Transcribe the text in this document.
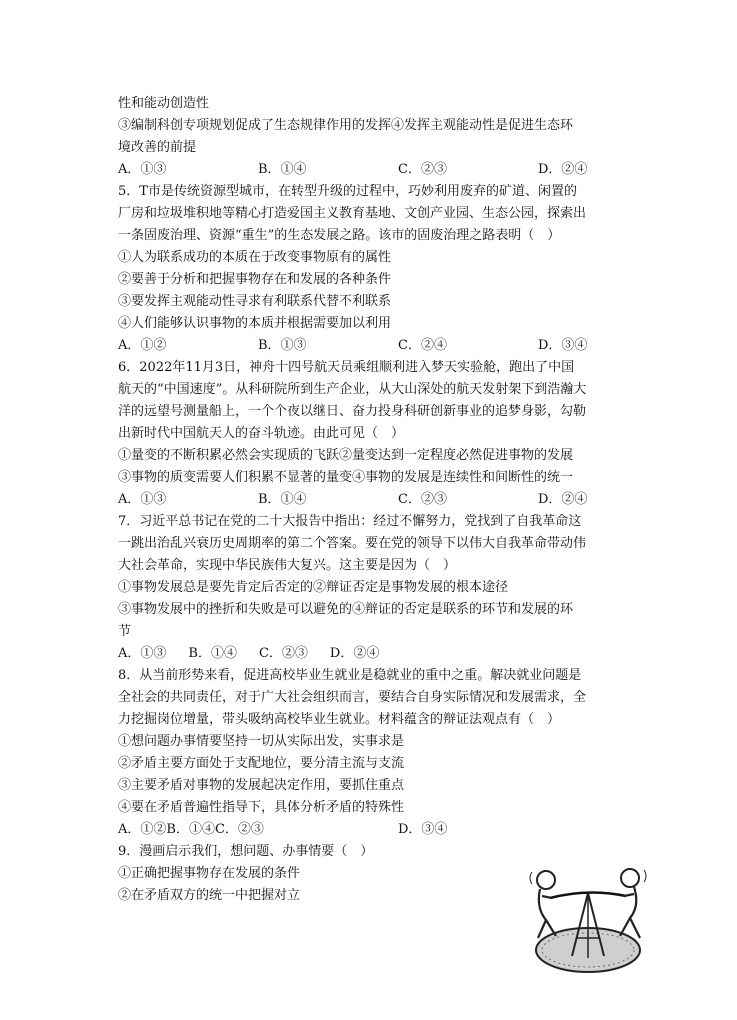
性和能动创造性
③编制科创专项规划促成了生态规律作用的发挥④发挥主观能动性是促进生态环
境改善的前提
A．①③	B．①④	C．②③	D．②④
5．T市是传统资源型城市，在转型升级的过程中，巧妙利用废弃的矿道、闲置的
厂房和垃圾堆积地等精心打造爱国主义教育基地、文创产业园、生态公园，探索出
一条固废治理、资源“重生”的生态发展之路。该市的固废治理之路表明（　）
①人为联系成功的本质在于改变事物原有的属性
②要善于分析和把握事物存在和发展的各种条件
③要发挥主观能动性寻求有利联系代替不利联系
④人们能够认识事物的本质并根据需要加以利用
A．①②	B．①③	C．②④	D．③④
6．2022年11月3日，神舟十四号航天员乘组顺利进入梦天实验舱，跑出了中国
航天的“中国速度”。从科研院所到生产企业，从大山深处的航天发射架下到浩瀚大
洋的远望号测量船上，一个个夜以继日、奋力投身科研创新事业的追梦身影，勾勒
出新时代中国航天人的奋斗轨迹。由此可见（　）
①量变的不断积累必然会实现质的飞跃②量变达到一定程度必然促进事物的发展
③事物的质变需要人们积累不显著的量变④事物的发展是连续性和间断性的统一
A．①③	B．①④	C．②③	D．②④
7．习近平总书记在党的二十大报告中指出：经过不懈努力，党找到了自我革命这
一跳出治乱兴衰历史周期率的第二个答案。要在党的领导下以伟大自我革命带动伟
大社会革命，实现中华民族伟大复兴。这主要是因为（　）
①事物发展总是要先肯定后否定的②辩证否定是事物发展的根本途径
③事物发展中的挫折和失败是可以避免的④辩证的否定是联系的环节和发展的环
节
A．①③ B．①④ C．②③ D．②④
8．从当前形势来看，促进高校毕业生就业是稳就业的重中之重。解决就业问题是
全社会的共同责任，对于广大社会组织而言，要结合自身实际情况和发展需求，全
力挖掘岗位增量，带头吸纳高校毕业生就业。材料蕴含的辩证法观点有（　）
①想问题办事情要坚持一切从实际出发，实事求是
②矛盾主要方面处于支配地位，要分清主流与支流
③主要矛盾对事物的发展起决定作用，要抓住重点
④要在矛盾普遍性指导下，具体分析矛盾的特殊性
A．①②B．①④C．②③	D．③④
9．漫画启示我们，想问题、办事情要（　）
①正确把握事物存在发展的条件
②在矛盾双方的统一中把握对立
